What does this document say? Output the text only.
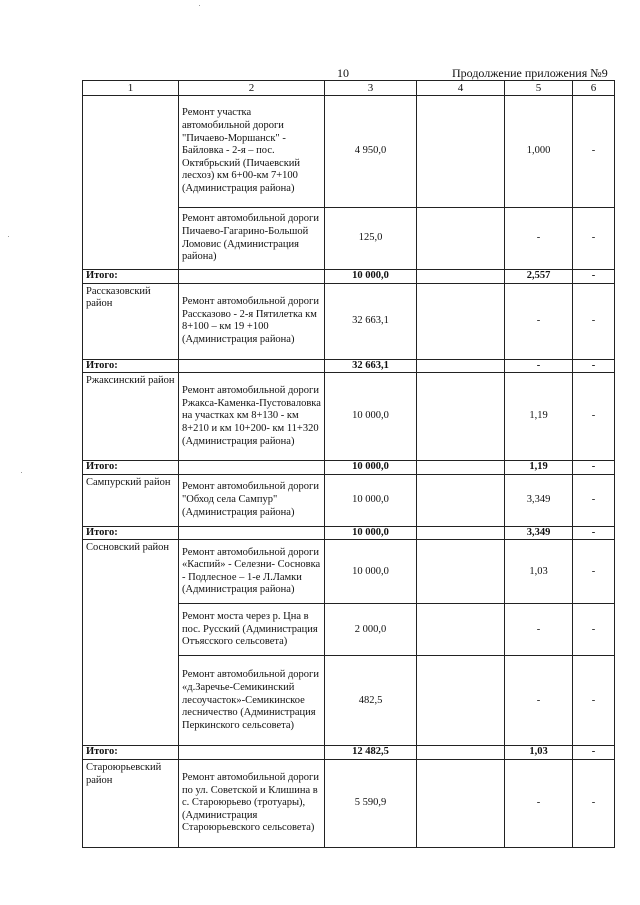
10	Продолжение приложения №9
1	2	3	4	5	6
	Ремонт участка автомобильной дороги "Пичаево-Моршанск" - Байловка - 2-я – пос. Октябрьский (Пичаевский лесхоз) км 6+00-км 7+100 (Администрация района)	4 950,0		1,000	-
	Ремонт автомобильной дороги Пичаево-Гагарино-Большой Ломовис (Администрация района)	125,0		-	-
Итого:		10 000,0		2,557	-
Рассказовский район	Ремонт автомобильной дороги Рассказово - 2-я Пятилетка км 8+100 – км 19 +100 (Администрация района)	32 663,1		-	-
Итого:		32 663,1		-	-
Ржаксинский район	Ремонт автомобильной дороги Ржакса-Каменка-Пустоваловка на участках км 8+130 - км 8+210 и км 10+200- км 11+320 (Администрация района)	10 000,0		1,19	-
Итого:		10 000,0		1,19	-
Сампурский район	Ремонт автомобильной дороги "Обход села Сампур" (Администрация района)	10 000,0		3,349	-
Итого:		10 000,0		3,349	-
Сосновский район	Ремонт автомобильной дороги «Каспий» - Селезни- Сосновка - Подлесное – 1-е Л.Ламки (Администрация района)	10 000,0		1,03	-
	Ремонт моста через р. Цна в пос. Русский (Администрация Отъясского сельсовета)	2 000,0		-	-
	Ремонт автомобильной дороги «д.Заречье-Семикинский лесоучасток»-Семикинское лесничество (Администрация Перкинского сельсовета)	482,5		-	-
Итого:		12 482,5		1,03	-
Староюрьевский район	Ремонт автомобильной дороги по ул. Советской и Клишина в с. Староюрьево (тротуары), (Администрация Староюрьевского сельсовета)	5 590,9		-	-
